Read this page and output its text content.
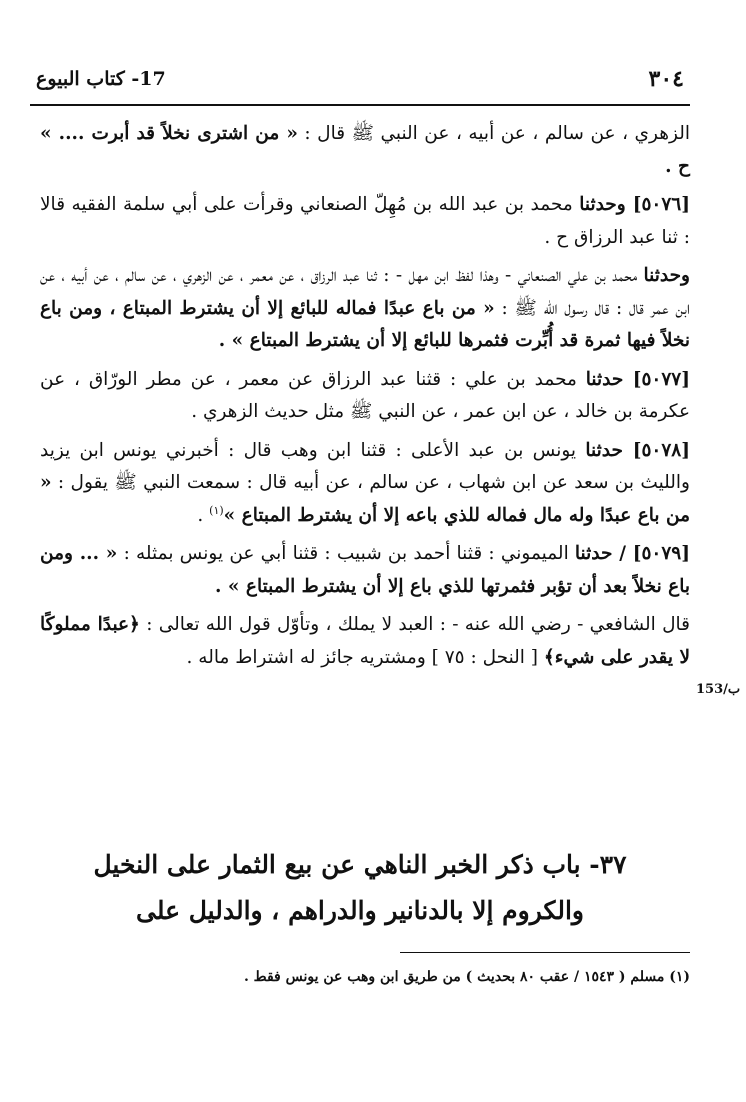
٣٠٤
17- كتاب البيوع

الزهري ، عن سالم ، عن أبيه ، عن النبي ﷺ قال : « من اشترى نخلاً قد أبرت .... » ح .

[٥٠٧٦] وحدثنا محمد بن عبد الله بن مُهِلّ الصنعاني وقرأت على أبي سلمة الفقيه قالا : ثنا عبد الرزاق ح .

وحدثنا محمد بن علي الصنعاني - وهذا لفظ ابن مهل - : ثنا عبد الرزاق ، عن معمر ، عن الزهري ، عن سالم ، عن أبيه ، عن ابن عمر قال : قال رسول الله ﷺ : « من باع عبدًا فماله للبائع إلا أن يشترط المبتاع ، ومن باع نخلاً فيها ثمرة قد أُبِّرت فثمرها للبائع إلا أن يشترط المبتاع » .

[٥٠٧٧] حدثنا محمد بن علي : قثنا عبد الرزاق عن معمر ، عن مطر الورّاق ، عن عكرمة بن خالد ، عن ابن عمر ، عن النبي ﷺ مثل حديث الزهري .

[٥٠٧٨] حدثنا يونس بن عبد الأعلى : قثنا ابن وهب قال : أخبرني يونس ابن يزيد والليث بن سعد عن ابن شهاب ، عن سالم ، عن أبيه قال : سمعت النبي ﷺ يقول : « من باع عبدًا وله مال فماله للذي باعه إلا أن يشترط المبتاع »$^{(١)}$ .

[٥٠٧٩] / حدثنا الميموني : قثنا أحمد بن شبيب : قثنا أبي عن يونس بمثله : « ... ومن باع نخلاً بعد أن تؤبر فثمرتها للذي باع إلا أن يشترط المبتاع » .

قال الشافعي - رضي الله عنه - : العبد لا يملك ، وتأوّل قول الله تعالى : ﴿عبدًا مملوكًا لا يقدر على شيء﴾ [ النحل : ٧٥ ] ومشتريه جائز له اشتراط ماله .

153/ب
٣٧- باب ذكر الخبر الناهي عن بيع الثمار على النخيل
والكروم إلا بالدنانير والدراهم ، والدليل على
(١) مسلم ( ١٥٤٣ / عقب ٨٠ بحديث ) من طريق ابن وهب عن يونس فقط .
